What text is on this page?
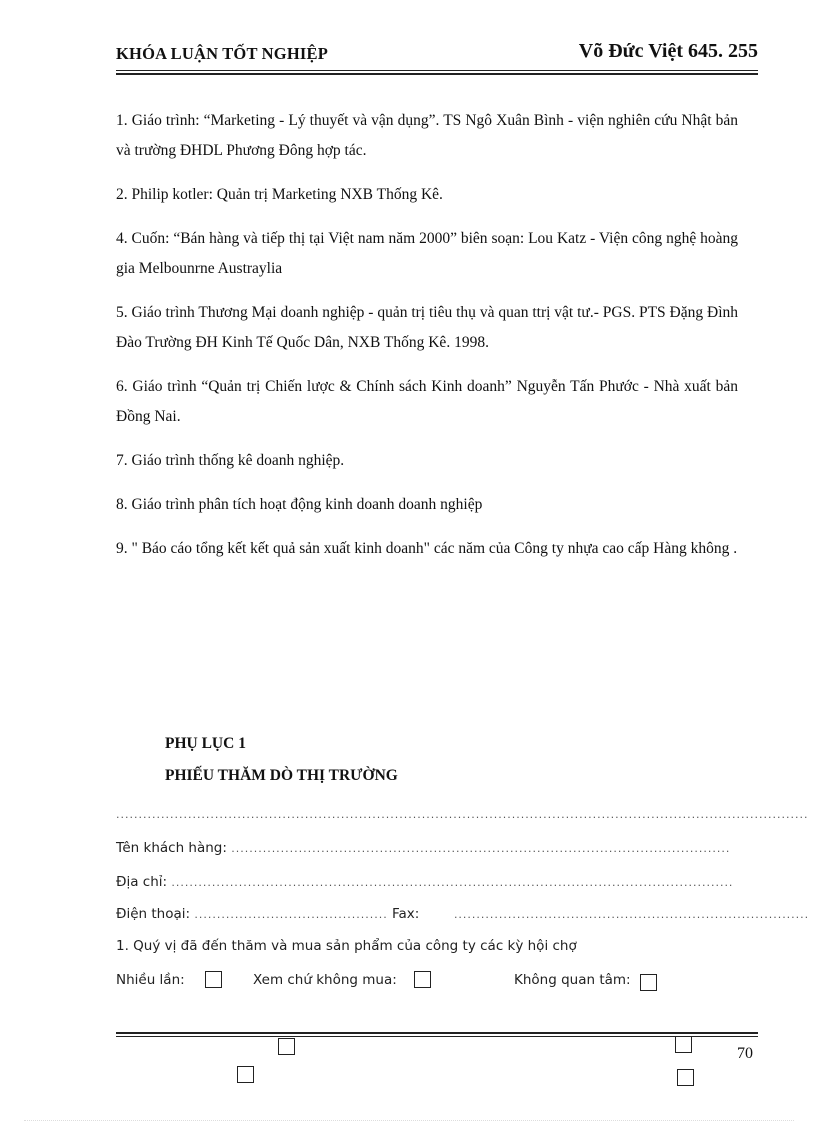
KHÓA LUẬN TỐT NGHIỆP	Võ Đức Việt 645. 255

1. Giáo trình: “Marketing - Lý thuyết và vận dụng”. TS Ngô Xuân Bình - viện nghiên cứu Nhật bản và trường ĐHDL Phương Đông hợp tác.

2. Philip kotler: Quản trị Marketing NXB Thống Kê.

4. Cuốn: “Bán hàng và tiếp thị tại Việt nam năm 2000” biên soạn: Lou Katz - Viện công nghệ hoàng gia Melbounrne Austraylia

5. Giáo trình Thương Mại doanh nghiệp - quản trị tiêu thụ và quan ttrị vật tư.- PGS. PTS Đặng Đình Đào Trường ĐH Kinh Tế Quốc Dân, NXB Thống Kê. 1998.

6. Giáo trình “Quản trị Chiến lược & Chính sách Kinh doanh” Nguyễn Tấn Phước - Nhà xuất bản Đồng Nai.

7. Giáo trình thống kê doanh nghiệp.

8. Giáo trình phân tích hoạt động kinh doanh doanh nghiệp

9. " Báo cáo tổng kết kết quả sản xuất kinh doanh" các năm của Công ty nhựa cao cấp Hàng không .

PHỤ LỤC 1
PHIẾU THĂM DÒ THỊ TRƯỜNG
..........................................................................................................................................................
Tên khách hàng: ...............................................................................................................
Địa chỉ: .............................................................................................................................
Điện thoại: ........................................... Fax:	...............................................................................
1. Quý vị đã đến thăm và mua sản phẩm của công ty các kỳ hội chợ
Nhiều lần:	Xem chứ không mua:	Không quan tâm:
70
